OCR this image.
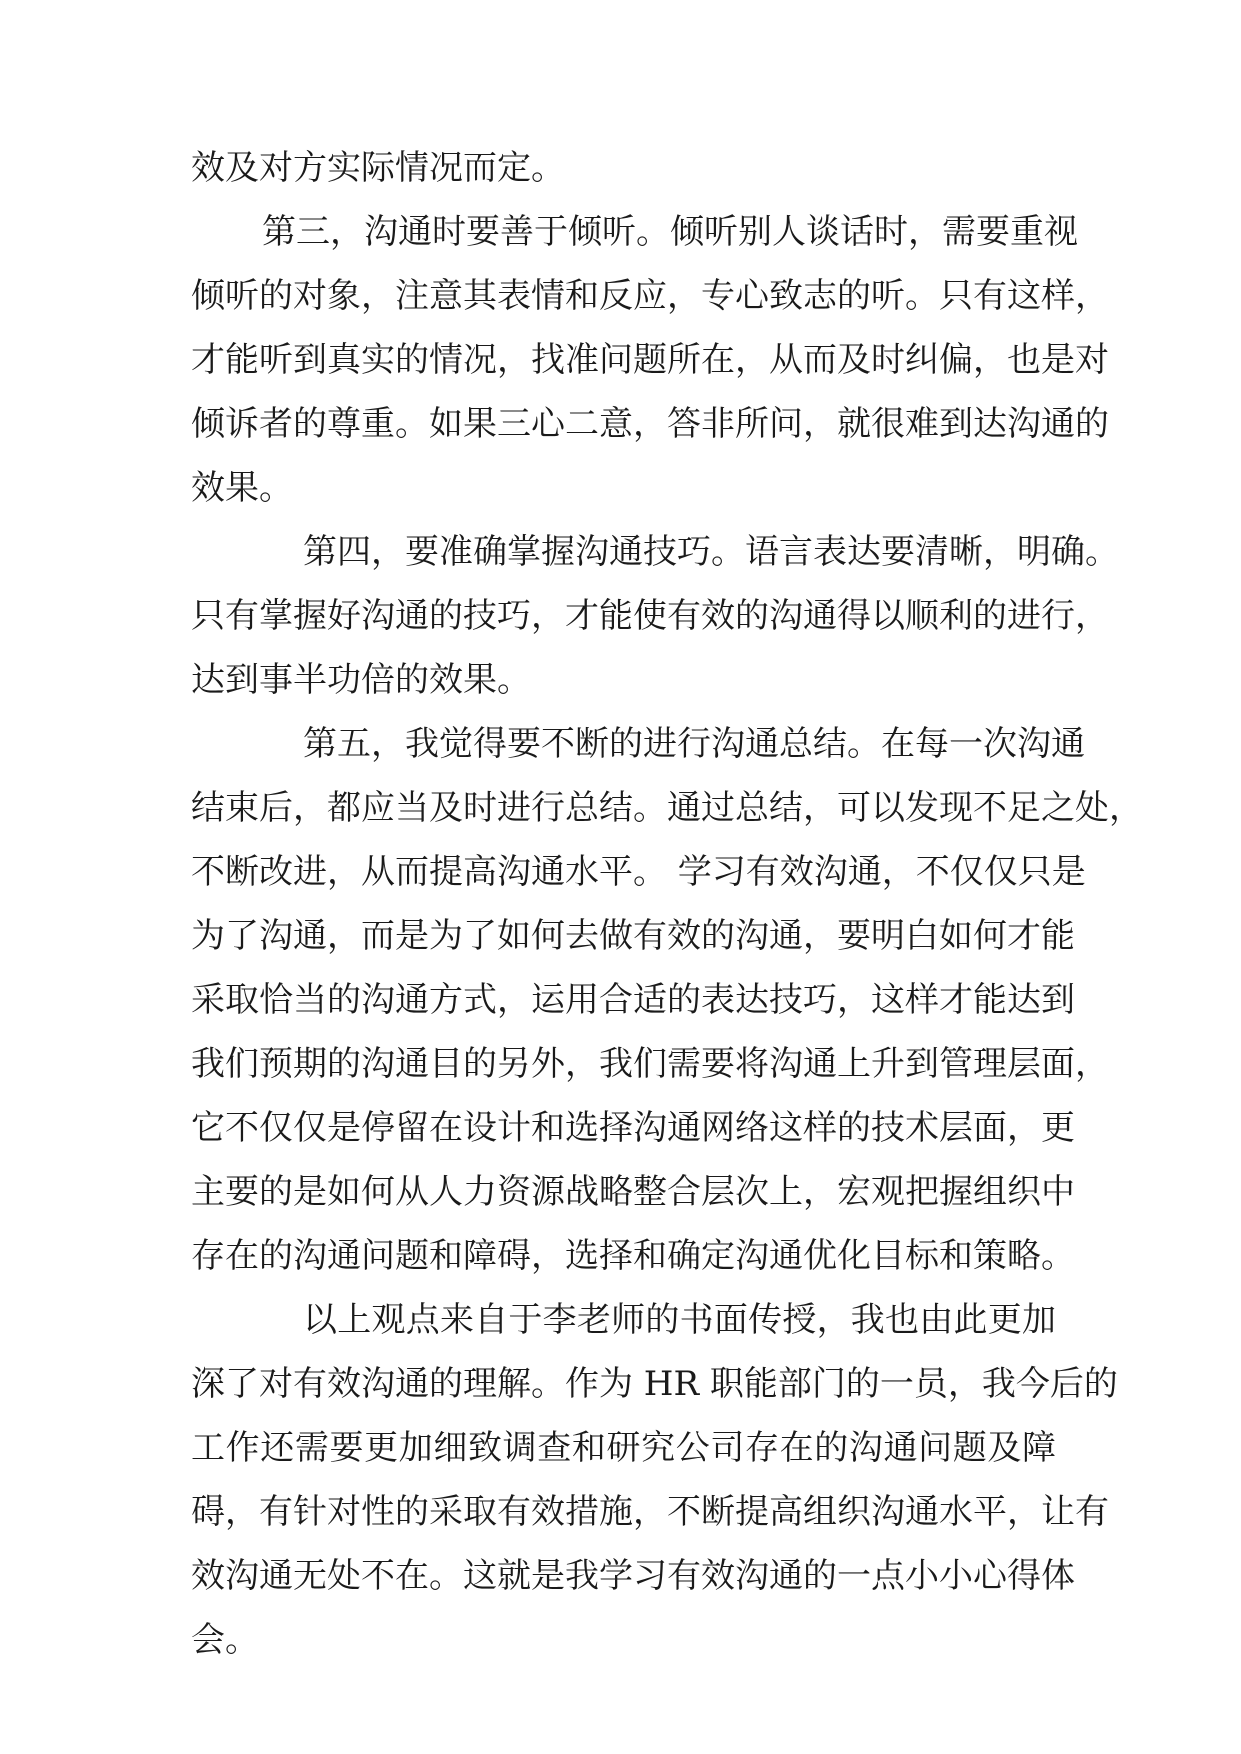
效及对方实际情况而定。
第三，沟通时要善于倾听。倾听别人谈话时，需要重视
倾听的对象，注意其表情和反应，专心致志的听。只有这样，
才能听到真实的情况，找准问题所在，从而及时纠偏，也是对
倾诉者的尊重。如果三心二意，答非所问，就很难到达沟通的
效果。
第四，要准确掌握沟通技巧。语言表达要清晰，明确。
只有掌握好沟通的技巧，才能使有效的沟通得以顺利的进行，
达到事半功倍的效果。
第五，我觉得要不断的进行沟通总结。在每一次沟通
结束后，都应当及时进行总结。通过总结，可以发现不足之处，
不断改进，从而提高沟通水平。 学习有效沟通，不仅仅只是
为了沟通，而是为了如何去做有效的沟通，要明白如何才能
采取恰当的沟通方式，运用合适的表达技巧，这样才能达到
我们预期的沟通目的另外，我们需要将沟通上升到管理层面，
它不仅仅是停留在设计和选择沟通网络这样的技术层面，更
主要的是如何从人力资源战略整合层次上，宏观把握组织中
存在的沟通问题和障碍，选择和确定沟通优化目标和策略。
以上观点来自于李老师的书面传授，我也由此更加
深了对有效沟通的理解。作为 HR 职能部门的一员，我今后的
工作还需要更加细致调查和研究公司存在的沟通问题及障
碍，有针对性的采取有效措施，不断提高组织沟通水平，让有
效沟通无处不在。这就是我学习有效沟通的一点小小心得体
会。
